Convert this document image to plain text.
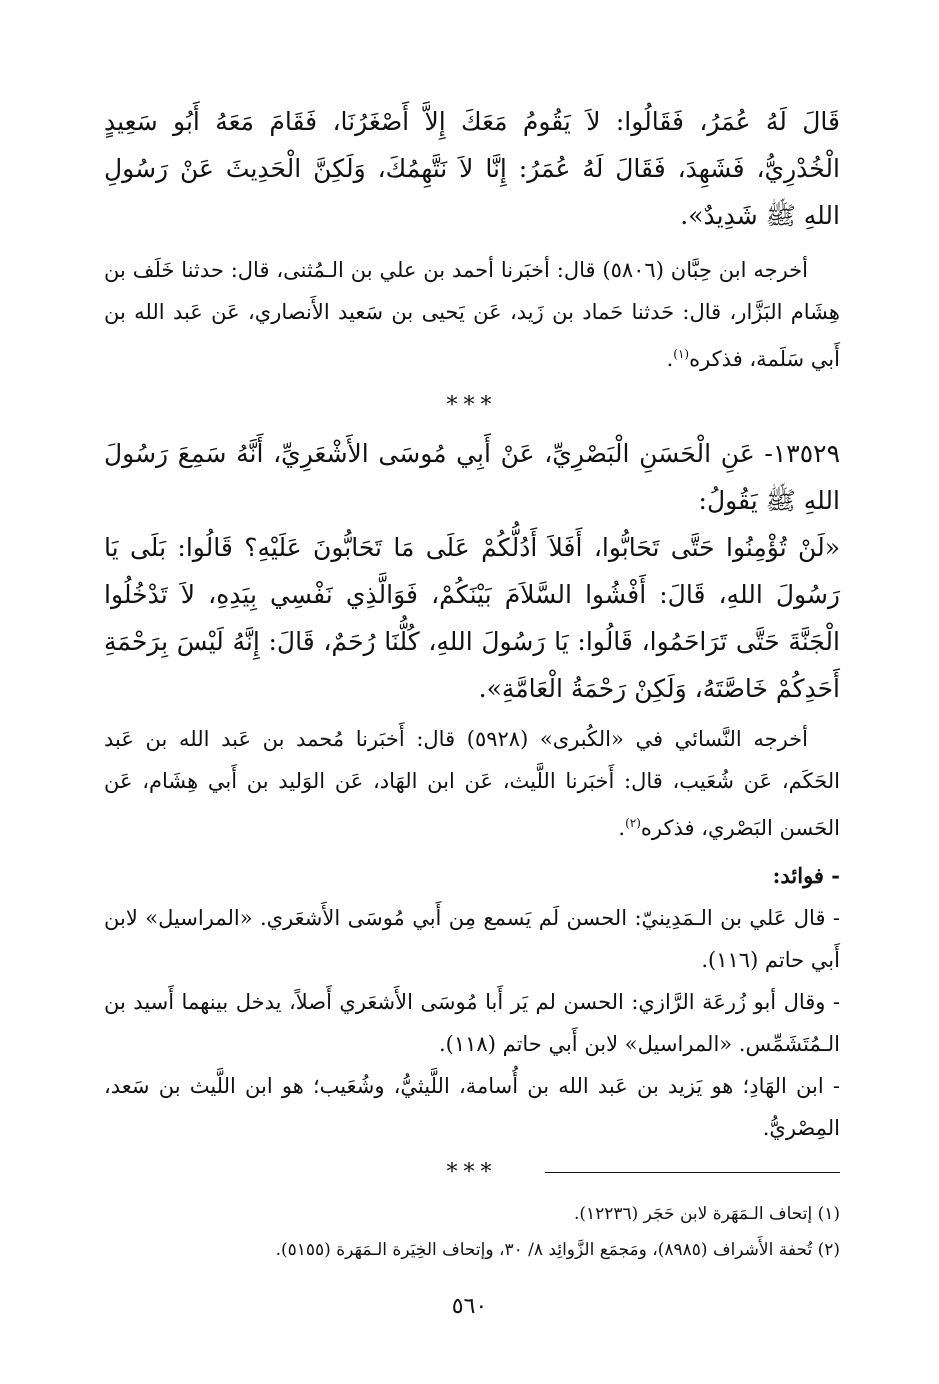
قَالَ لَهُ عُمَرُ، فَقَالُوا: لاَ يَقُومُ مَعَكَ إِلاَّ أَصْغَرُنَا، فَقَامَ مَعَهُ أَبُو سَعِيدٍ الْخُدْرِيُّ، فَشَهِدَ، فَقَالَ لَهُ عُمَرُ: إِنَّا لاَ نَتَّهِمُكَ، وَلَكِنَّ الْحَدِيثَ عَنْ رَسُولِ اللهِ ﷺ شَدِيدٌ».

أخرجه ابن حِبَّان (٥٨٠٦) قال: أخبَرنا أحمد بن علي بن الـمُثنى، قال: حدثنا خَلَف بن هِشَام البَزَّار، قال: حَدثنا حَماد بن زَيد، عَن يَحيى بن سَعيد الأَنصاري، عَن عَبد الله بن أَبي سَلَمة، فذكره$^{(١)}$.

***

١٣٥٢٩- عَنِ الْحَسَنِ الْبَصْرِيِّ، عَنْ أَبِي مُوسَى الأَشْعَرِيِّ، أَنَّهُ سَمِعَ رَسُولَ اللهِ ﷺ يَقُولُ:

«لَنْ تُؤْمِنُوا حَتَّى تَحَابُّوا، أَفَلاَ أَدُلُّكُمْ عَلَى مَا تَحَابُّونَ عَلَيْهِ؟ قَالُوا: بَلَى يَا رَسُولَ اللهِ، قَالَ: أَفْشُوا السَّلاَمَ بَيْنَكُمْ، فَوَالَّذِي نَفْسِي بِيَدِهِ، لاَ تَدْخُلُوا الْجَنَّةَ حَتَّى تَرَاحَمُوا، قَالُوا: يَا رَسُولَ اللهِ، كُلُّنَا رُحَمٌ، قَالَ: إِنَّهُ لَيْسَ بِرَحْمَةِ أَحَدِكُمْ خَاصَّتَهُ، وَلَكِنْ رَحْمَةُ الْعَامَّةِ».

أخرجه النَّسائي في «الكُبرى» (٥٩٢٨) قال: أَخبَرنا مُحمد بن عَبد الله بن عَبد الحَكَم، عَن شُعَيب، قال: أَخبَرنا اللَّيث، عَن ابن الهَاد، عَن الوَليد بن أَبي هِشَام، عَن الحَسن البَصْري، فذكره$^{(٢)}$.

- فوائد:

- قال عَلي بن الـمَدِينيّ: الحسن لَم يَسمع مِن أَبي مُوسَى الأَشعَري. «المراسيل» لابن أَبي حاتم (١١٦).

- وقال أبو زُرعَة الرَّازي: الحسن لم يَر أَبا مُوسَى الأَشعَري أَصلاً، يدخل بينهما أَسيد بن الـمُتَشَمِّس. «المراسيل» لابن أَبي حاتم (١١٨).

- ابن الهَادِ؛ هو يَزيد بن عَبد الله بن أُسامة، اللَّيثيُّ، وشُعَيب؛ هو ابن اللَّيث بن سَعد، المِصْريُّ.

***

(١) إتحاف الـمَهَرة لابن حَجَر (١٢٢٣٦).

(٢) تُحفة الأَشراف (٨٩٨٥)، ومَجمَع الزَّوائِد ٨/ ٣٠، وإتحاف الخِيَرة الـمَهَرة (٥١٥٥).

٥٦٠
